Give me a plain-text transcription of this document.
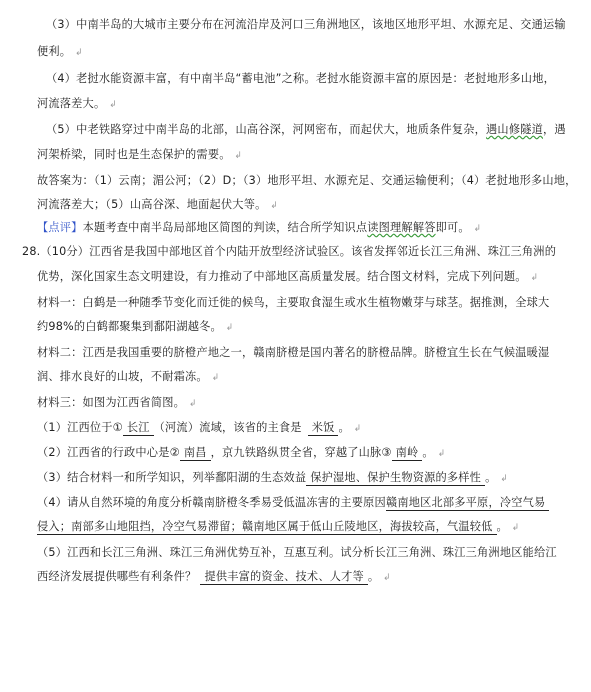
（3）中南半岛的大城市主要分布在河流沿岸及河口三角洲地区，该地区地形平坦、水源充足、交通运输
便利。 ↲
（4）老挝水能资源丰富，有中南半岛“蓄电池”之称。老挝水能资源丰富的原因是：老挝地形多山地，
河流落差大。 ↲
（5）中老铁路穿过中南半岛的北部，山高谷深，河网密布，而起伏大，地质条件复杂，遇山修隧道，遇
河架桥梁，同时也是生态保护的需要。 ↲
故答案为：（1）云南；湄公河；（2）D；（3）地形平坦、水源充足、交通运输便利；（4）老挝地形多山地，
河流落差大；（5）山高谷深、地面起伏大等。 ↲
【点评】本题考查中南半岛局部地区简图的判读，结合所学知识点读图理解解答即可。 ↲
28.（10分）江西省是我国中部地区首个内陆开放型经济试验区。该省发挥邻近长江三角洲、珠江三角洲的
优势，深化国家生态文明建设，有力推动了中部地区高质量发展。结合图文材料，完成下列问题。 ↲
材料一：白鹤是一种随季节变化而迁徙的候鸟，主要取食湿生或水生植物嫩芽与球茎。据推测，全球大
约98%的白鹤都聚集到鄱阳湖越冬。 ↲
材料二：江西是我国重要的脐橙产地之一，赣南脐橙是国内著名的脐橙品牌。脐橙宜生长在气候温暖湿
润、排水良好的山坡，不耐霜冻。 ↲
材料三：如图为江西省简图。 ↲
（1）江西位于① 长江 （河流）流域，该省的主食是 米饭 。 ↲
（2）江西省的行政中心是② 南昌 ，京九铁路纵贯全省，穿越了山脉③ 南岭 。 ↲
（3）结合材料一和所学知识，列举鄱阳湖的生态效益 保护湿地、保护生物资源的多样性 。 ↲
（4）请从自然环境的角度分析赣南脐橙冬季易受低温冻害的主要原因赣南地区北部多平原，冷空气易
侵入；南部多山地阻挡，冷空气易滞留；赣南地区属于低山丘陵地区，海拔较高，气温较低 。 ↲
（5）江西和长江三角洲、珠江三角洲优势互补，互惠互利。试分析长江三角洲、珠江三角洲地区能给江
西经济发展提供哪些有利条件？ 提供丰富的资金、技术、人才等 。 ↲
